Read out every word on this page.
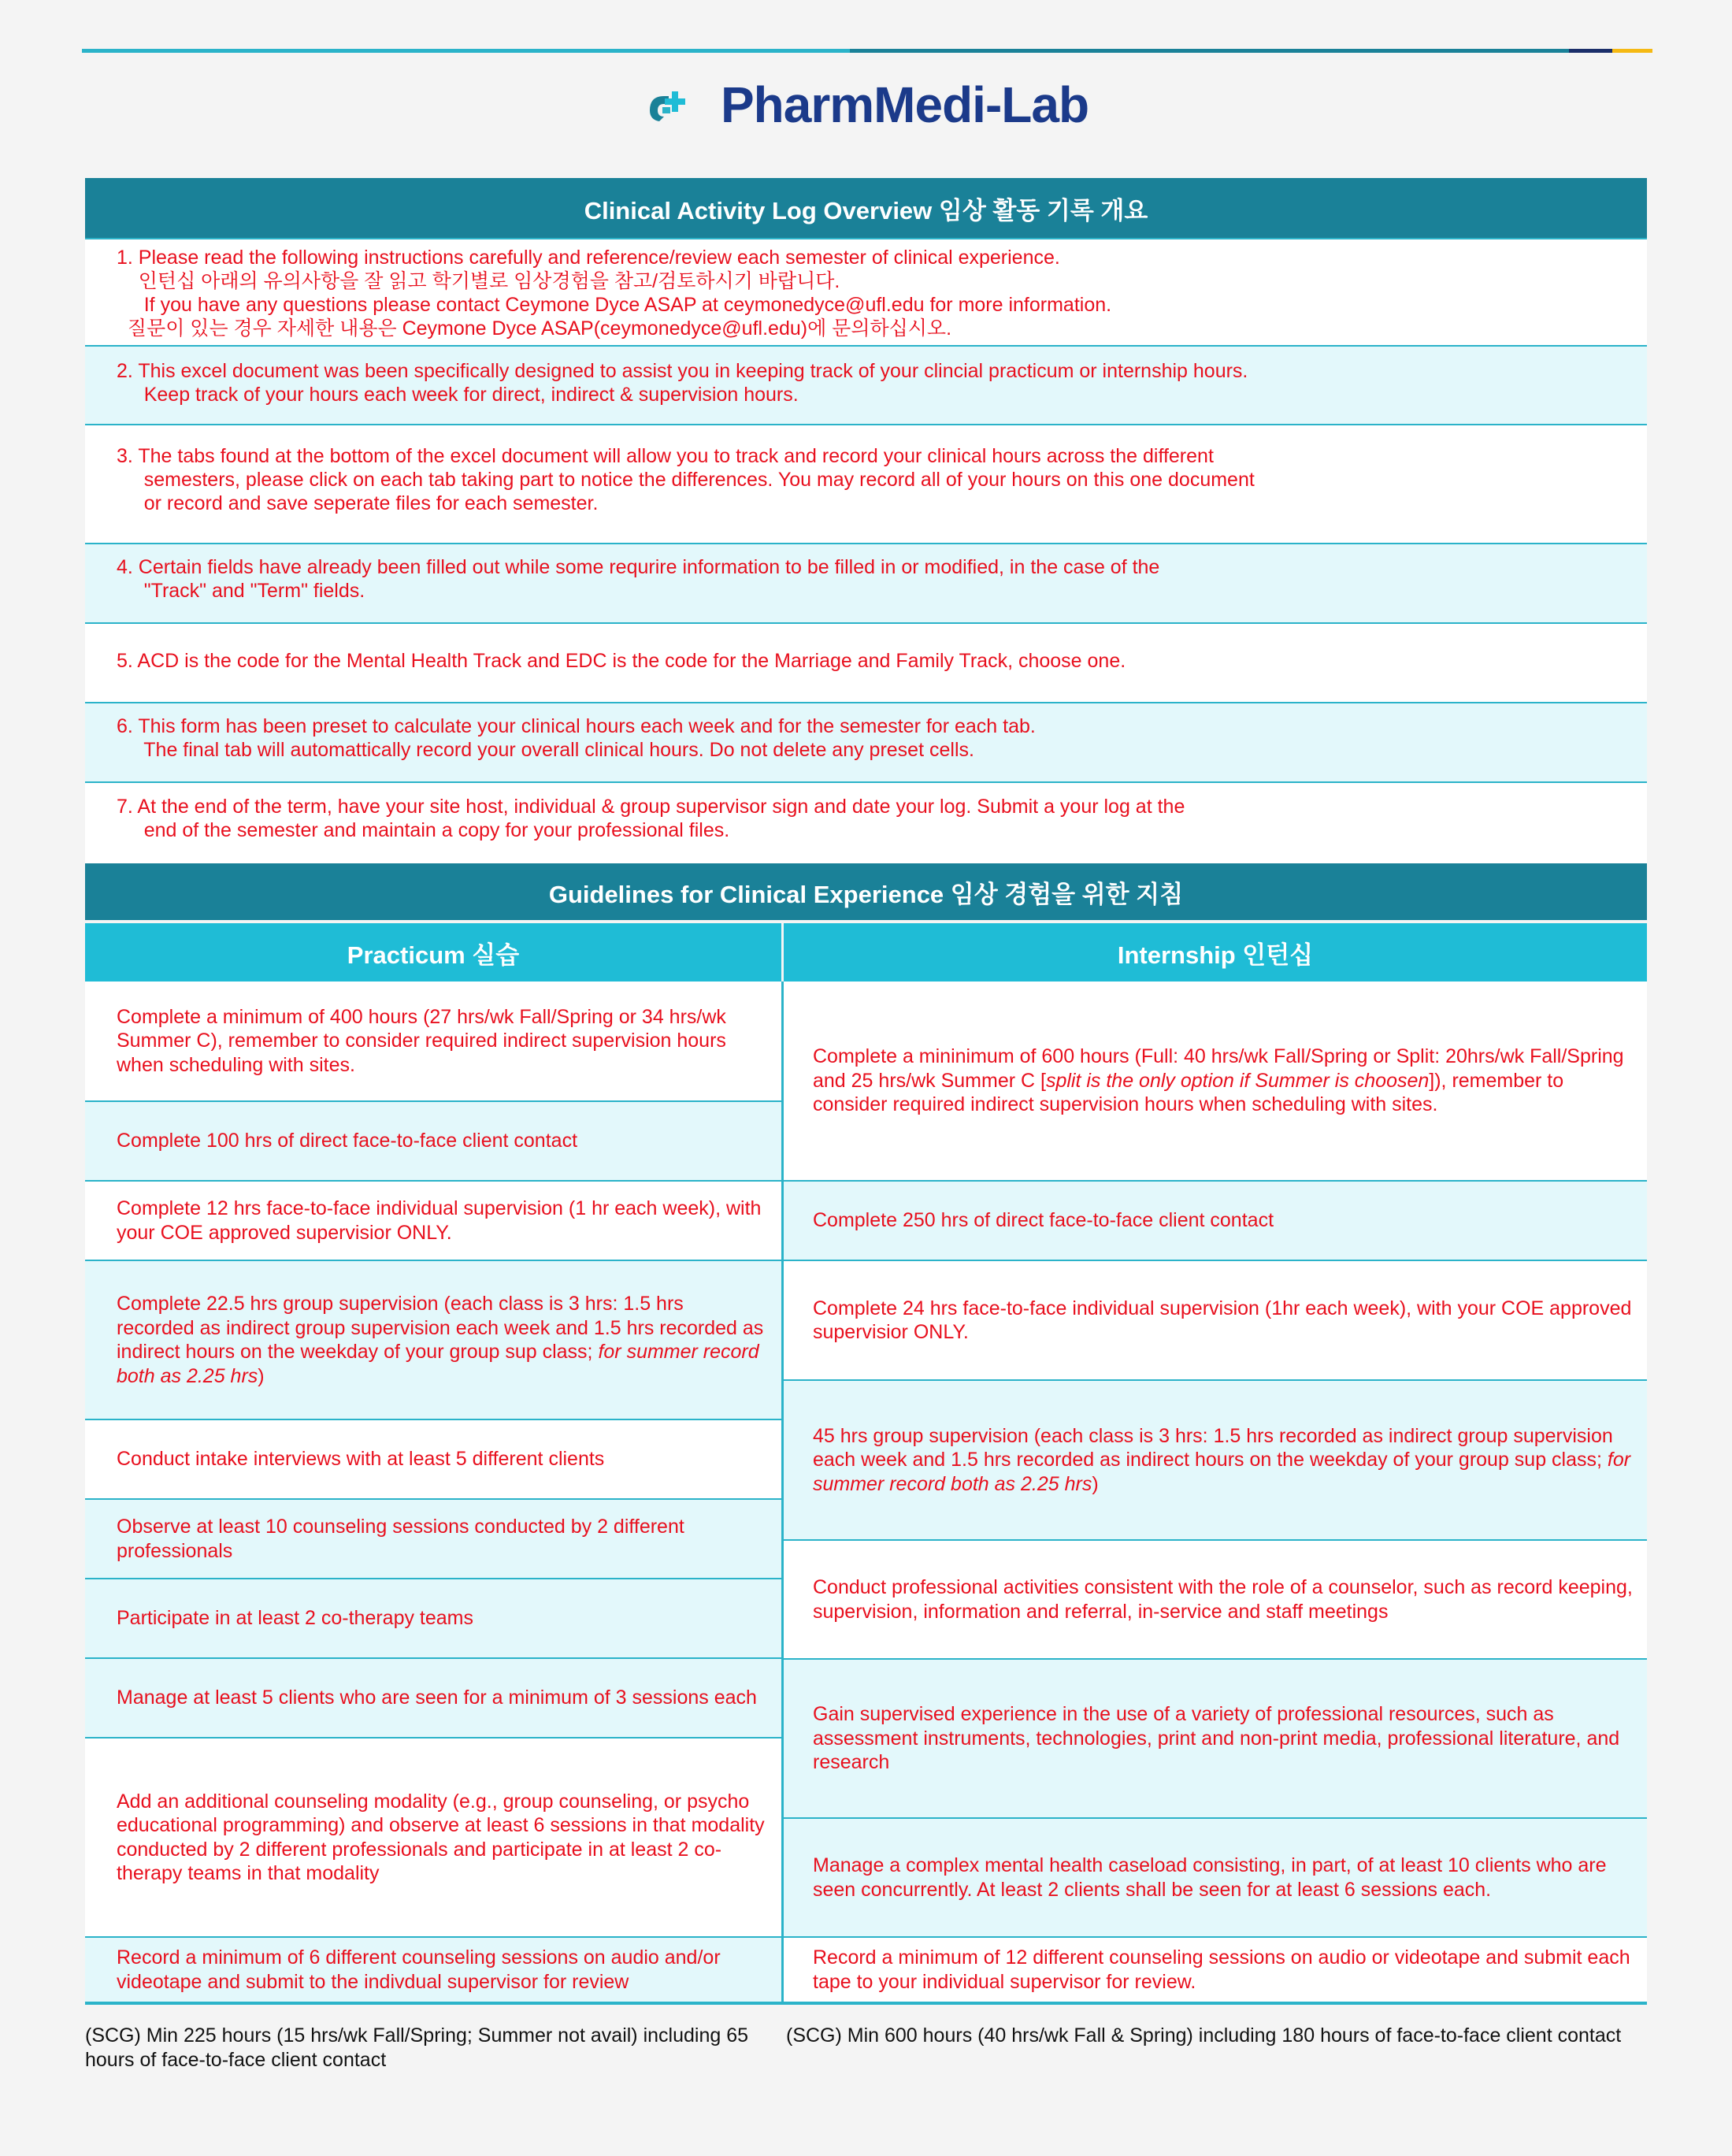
PharmMedi-Lab
Clinical Activity Log Overview 임상 활동 기록 개요
1. Please read the following instructions carefully and reference/review each semester of clinical experience.
인턴십 아래의 유의사항을 잘 읽고 학기별로 임상경험을 참고/검토하시기 바랍니다.
If you have any questions please contact Ceymone Dyce ASAP at ceymonedyce@ufl.edu for more information.
질문이 있는 경우 자세한 내용은 Ceymone Dyce ASAP(ceymonedyce@ufl.edu)에 문의하십시오.
2. This excel document was been specifically designed to assist you in keeping track of your clincial practicum or internship hours.
Keep track of your hours each week for direct, indirect & supervision hours.
3. The tabs found at the bottom of the excel document will allow you to track and record your clinical hours across the different
semesters, please click on each tab taking part to notice the differences. You may record all of your hours on this one document
or record and save seperate files for each semester.
4. Certain fields have already been filled out while some requrire information to be filled in or modified, in the case of the
"Track" and "Term" fields.
5. ACD is the code for the Mental Health Track and EDC is the code for the Marriage and Family Track, choose one.
6. This form has been preset to calculate your clinical hours each week and for the semester for each tab.
The final tab will automattically record your overall clinical hours. Do not delete any preset cells.
7. At the end of the term, have your site host, individual & group supervisor sign and date your log. Submit a your log at the
end of the semester and maintain a copy for your professional files.
Guidelines for Clinical Experience 임상 경험을 위한 지침
Practicum 실습	Internship 인턴십
Complete a minimum of 400 hours (27 hrs/wk Fall/Spring or 34 hrs/wk Summer C), remember to consider required indirect supervision hours when scheduling with sites.
Complete 100 hrs of direct face-to-face client contact
Complete 12 hrs face-to-face individual supervision (1 hr each week), with your COE approved supervisior ONLY.
Complete 22.5 hrs group supervision (each class is 3 hrs: 1.5 hrs recorded as indirect group supervision each week and 1.5 hrs recorded as indirect hours on the weekday of your group sup class; for summer record both as 2.25 hrs)
Conduct intake interviews with at least 5 different clients
Observe at least 10 counseling sessions conducted by 2 different professionals
Participate in at least 2 co-therapy teams
Manage at least 5 clients who are seen for a minimum of 3 sessions each
Add an additional counseling modality (e.g., group counseling, or psycho educational programming) and observe at least 6 sessions in that modality conducted by 2 different professionals and participate in at least 2 co-therapy teams in that modality
Record a minimum of 6 different counseling sessions on audio and/or videotape and submit to the indivdual supervisor for review
Complete a mininimum of 600 hours (Full: 40 hrs/wk Fall/Spring or Split: 20hrs/wk Fall/Spring and 25 hrs/wk Summer C [split is the only option if Summer is choosen]), remember to consider required indirect supervision hours when scheduling with sites.
Complete 250 hrs of direct face-to-face client contact
Complete 24 hrs face-to-face individual supervision (1hr each week), with your COE approved supervisior ONLY.
45 hrs group supervision (each class is 3 hrs: 1.5 hrs recorded as indirect group supervision each week and 1.5 hrs recorded as indirect hours on the weekday of your group sup class; for summer record both as 2.25 hrs)
Conduct professional activities consistent with the role of a counselor, such as record keeping, supervision, information and referral, in-service and staff meetings
Gain supervised experience in the use of a variety of professional resources, such as assessment instruments, technologies, print and non-print media, professional literature, and research
Manage a complex mental health caseload consisting, in part, of at least 10 clients who are seen concurrently. At least 2 clients shall be seen for at least 6 sessions each.
Record a minimum of 12 different counseling sessions on audio or videotape and submit each tape to your individual supervisor for review.
(SCG) Min 225 hours (15 hrs/wk Fall/Spring; Summer not avail) including 65 hours of face-to-face client contact
(SCG) Min 600 hours (40 hrs/wk Fall & Spring) including 180 hours of face-to-face client contact
